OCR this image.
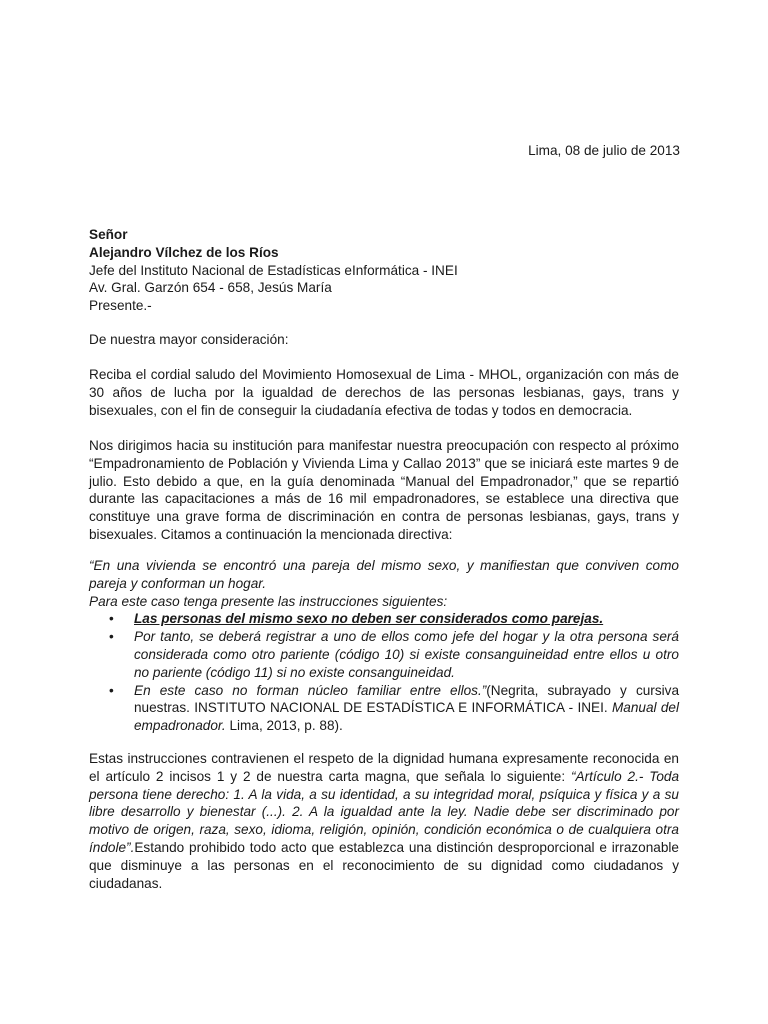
Lima, 08 de julio de 2013

Señor

Alejandro Vílchez de los Ríos

Jefe del Instituto Nacional de Estadísticas eInformática - INEI

Av. Gral. Garzón 654 - 658, Jesús María

Presente.-

De nuestra mayor consideración:

Reciba el cordial saludo del Movimiento Homosexual de Lima - MHOL, organización con más de 30 años de lucha por la igualdad de derechos de las personas lesbianas, gays, trans y bisexuales, con el fin de conseguir la ciudadanía efectiva de todas y todos en democracia.

Nos dirigimos hacia su institución para manifestar nuestra preocupación con respecto al próximo “Empadronamiento de Población y Vivienda Lima y Callao 2013” que se iniciará este martes 9 de julio. Esto debido a que, en la guía denominada “Manual del Empadronador,” que se repartió durante las capacitaciones a más de 16 mil empadronadores, se establece una directiva que constituye una grave forma de discriminación en contra de personas lesbianas, gays, trans y bisexuales. Citamos a continuación la mencionada directiva:

“En una vivienda se encontró una pareja del mismo sexo, y manifiestan que conviven como pareja y conforman un hogar.

Para este caso tenga presente las instrucciones siguientes:

• Las personas del mismo sexo no deben ser considerados como parejas.
• Por tanto, se deberá registrar a uno de ellos como jefe del hogar y la otra persona será considerada como otro pariente (código 10) si existe consanguineidad entre ellos u otro no pariente (código 11) si no existe consanguineidad.
• En este caso no forman núcleo familiar entre ellos.”(Negrita, subrayado y cursiva nuestras. INSTITUTO NACIONAL DE ESTADÍSTICA E INFORMÁTICA - INEI. Manual del empadronador. Lima, 2013, p. 88).

Estas instrucciones contravienen el respeto de la dignidad humana expresamente reconocida en el artículo 2 incisos 1 y 2 de nuestra carta magna, que señala lo siguiente: “Artículo 2.- Toda persona tiene derecho: 1. A la vida, a su identidad, a su integridad moral, psíquica y física y a su libre desarrollo y bienestar (...). 2. A la igualdad ante la ley. Nadie debe ser discriminado por motivo de origen, raza, sexo, idioma, religión, opinión, condición económica o de cualquiera otra índole”.Estando prohibido todo acto que establezca una distinción desproporcional e irrazonable que disminuye a las personas en el reconocimiento de su dignidad como ciudadanos y ciudadanas.
